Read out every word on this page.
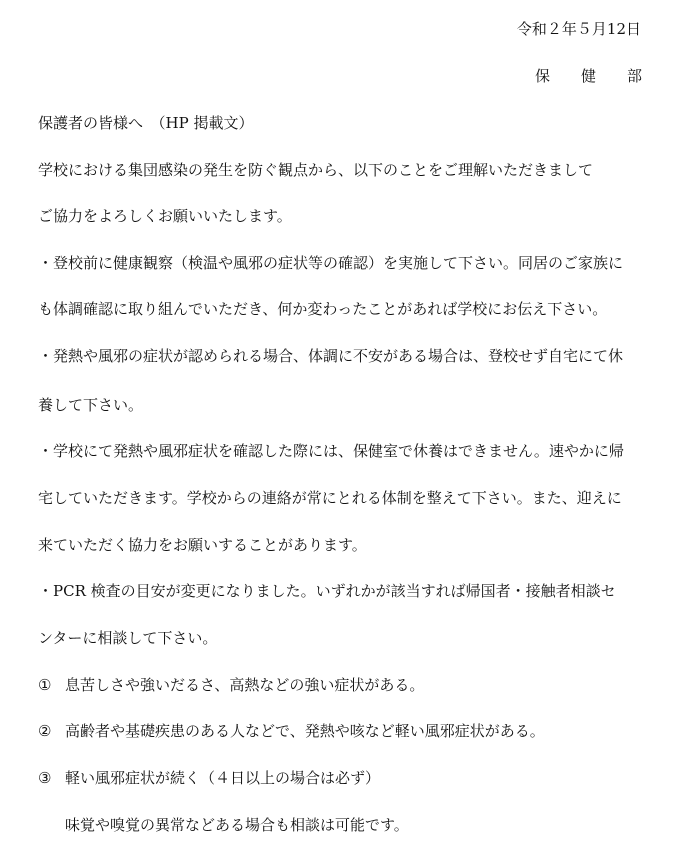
令和２年５月12日

保健部

保護者の皆様へ　（HP 掲載文）

学校における集団感染の発生を防ぐ観点から、以下のことをご理解いただきまして

ご協力をよろしくお願いいたします。

・登校前に健康観察（検温や風邪の症状等の確認）を実施して下さい。同居のご家族に

も体調確認に取り組んでいただき、何か変わったことがあれば学校にお伝え下さい。

・発熱や風邪の症状が認められる場合、体調に不安がある場合は、登校せず自宅にて休

養して下さい。

・学校にて発熱や風邪症状を確認した際には、保健室で休養はできません。速やかに帰

宅していただきます。学校からの連絡が常にとれる体制を整えて下さい。また、迎えに

来ていただく協力をお願いすることがあります。

・PCR 検査の目安が変更になりました。いずれかが該当すれば帰国者・接触者相談セ

ンターに相談して下さい。

① 息苦しさや強いだるさ、高熱などの強い症状がある。

② 高齢者や基礎疾患のある人などで、発熱や咳など軽い風邪症状がある。

③ 軽い風邪症状が続く（４日以上の場合は必ず）

味覚や嗅覚の異常などある場合も相談は可能です。
